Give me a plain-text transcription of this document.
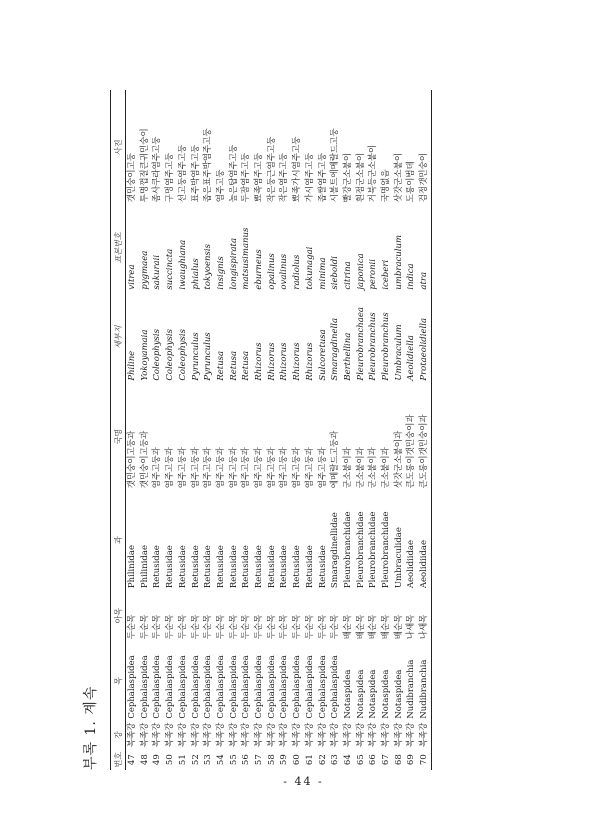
부록 1. 계속 번호	강	목	아목	과	국명	세부지	표본번호	사진
47	복족강	Cephalaspidea	두순목	Philinidae	갯민숭이고둥과	Philine	vitrea	갯민숭이고둥
48	복족강	Cephalaspidea	두순목	Philinidae	갯민숭이고둥과	Yokoyamaia	pygmaea	투명껍질큰귀민숭이
49	복족강	Cephalaspidea	두순목	Retusidae	염주고둥과	Coleophysis	sakuraii	좀사쿠라염주고둥
50	복족강	Cephalaspidea	두순목	Retusidae	염주고둥과	Coleophysis	succincta	구멍염주고둥
51	복족강	Cephalaspidea	두순목	Retusidae	염주고둥과	Coleophysis	iwaughiana	선고둥염주고둥
52	복족강	Cephalaspidea	두순목	Retusidae	염주고둥과	Pyrunculus	phialus	표주박염주고둥
53	복족강	Cephalaspidea	두순목	Retusidae	염주고둥과	Pyrunculus	tokyoensis	좁은표주박염주고둥
54	복족강	Cephalaspidea	두순목	Retusidae	염주고둥과	Retusa	insignis	염주고둥
55	복족강	Cephalaspidea	두순목	Retusidae	염주고둥과	Retusa	longispirata	높은탑염주고둥
56	복족강	Cephalaspidea	두순목	Retusidae	염주고둥과	Retusa	matsusimanus	두잠염주고둥
57	복족강	Cephalaspidea	두순목	Retusidae	염주고둥과	Rhizorus	eburneus	뾰족염주고둥
58	복족강	Cephalaspidea	두순목	Retusidae	염주고둥과	Rhizorus	opalinus	작은둥근염주고둥
59	복족강	Cephalaspidea	두순목	Retusidae	염주고둥과	Rhizorus	ovalinus	작은염주고둥
60	복족강	Cephalaspidea	두순목	Retusidae	염주고둥과	Rhizorus	radiolus	뾰족가시염주고둥
61	복족강	Cephalaspidea	두순목	Retusidae	염주고둥과	Rhizorus	tokunagai	가시염주고둥
62	복족강	Cephalaspidea	두순목	Retusidae	염주고둥과	Sulcoretusa	minima	좁쌀염주고둥
63	복족강	Cephalaspidea	두순목	Smaragdinellidae	에메랄드고둥과	Smaragdinella	sieboldi	시볼트에메랄드고둥
64	복족강	Notaspidea	배순목	Pleurobranchidae	군소붙이과	Berthellina	citrina	빨강군소붙이
65	복족강	Notaspidea	배순목	Pleurobranchidae	군소붙이과	Pleurobranchaea	japonica	흰점군소붙이
66	복족강	Notaspidea	배순목	Pleurobranchidae	군소붙이과	Pleurobranchus	peronii	거북등군소붙이
67	복족강	Notaspidea	배순목	Pleurobranchidae	군소붙이과	Pleurobranchus	iceberi	국명없음
68	복족강	Notaspidea	배순목	Umbraculidae	삿갓군소붙이과	Umbraculum	umbraculum	삿갓군소붙이
69	복족강	Nudibranchia	나새목	Aeolidiidae	큰도롱이갯민숭이과	Aeolidiella	indica	도롱이범데
70	복족강	Nudibranchia	나새목	Aeolidiidae	큰도롱이갯민숭이과	Protaeolidiella	atra	검정갯민숭이
- 44 -
